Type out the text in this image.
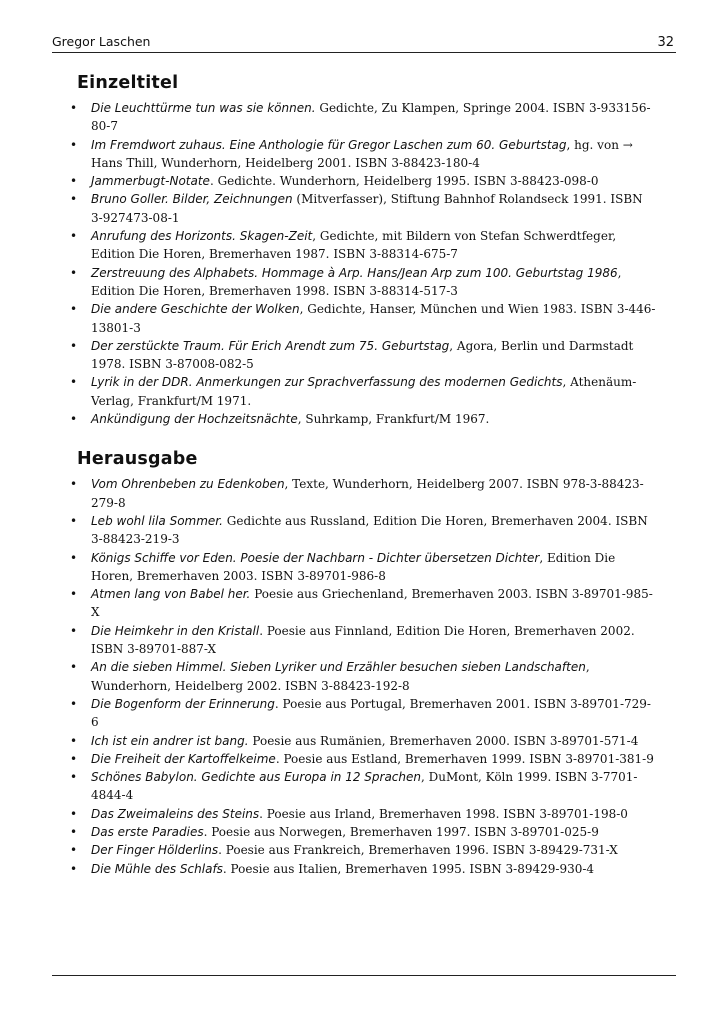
Gregor Laschen	32
Einzeltitel
• Die Leuchttürme tun was sie können. Gedichte, Zu Klampen, Springe 2004. ISBN 3-933156-80-7
• Im Fremdwort zuhaus. Eine Anthologie für Gregor Laschen zum 60. Geburtstag, hg. von → Hans Thill, Wunderhorn, Heidelberg 2001. ISBN 3-88423-180-4
• Jammerbugt-Notate. Gedichte. Wunderhorn, Heidelberg 1995. ISBN 3-88423-098-0
• Bruno Goller. Bilder, Zeichnungen (Mitverfasser), Stiftung Bahnhof Rolandseck 1991. ISBN 3-927473-08-1
• Anrufung des Horizonts. Skagen-Zeit, Gedichte, mit Bildern von Stefan Schwerdtfeger, Edition Die Horen, Bremerhaven 1987. ISBN 3-88314-675-7
• Zerstreuung des Alphabets. Hommage à Arp. Hans/Jean Arp zum 100. Geburtstag 1986, Edition Die Horen, Bremerhaven 1998. ISBN 3-88314-517-3
• Die andere Geschichte der Wolken, Gedichte, Hanser, München und Wien 1983. ISBN 3-446-13801-3
• Der zerstückte Traum. Für Erich Arendt zum 75. Geburtstag, Agora, Berlin und Darmstadt 1978. ISBN 3-87008-082-5
• Lyrik in der DDR. Anmerkungen zur Sprachverfassung des modernen Gedichts, Athenäum-Verlag, Frankfurt/M 1971.
• Ankündigung der Hochzeitsnächte, Suhrkamp, Frankfurt/M 1967.
Herausgabe
• Vom Ohrenbeben zu Edenkoben, Texte, Wunderhorn, Heidelberg 2007. ISBN 978-3-88423-279-8
• Leb wohl lila Sommer. Gedichte aus Russland, Edition Die Horen, Bremerhaven 2004. ISBN 3-88423-219-3
• Königs Schiffe vor Eden. Poesie der Nachbarn - Dichter übersetzen Dichter, Edition Die Horen, Bremerhaven 2003. ISBN 3-89701-986-8
• Atmen lang von Babel her. Poesie aus Griechenland, Bremerhaven 2003. ISBN 3-89701-985-X
• Die Heimkehr in den Kristall. Poesie aus Finnland, Edition Die Horen, Bremerhaven 2002. ISBN 3-89701-887-X
• An die sieben Himmel. Sieben Lyriker und Erzähler besuchen sieben Landschaften, Wunderhorn, Heidelberg 2002. ISBN 3-88423-192-8
• Die Bogenform der Erinnerung. Poesie aus Portugal, Bremerhaven 2001. ISBN 3-89701-729-6
• Ich ist ein andrer ist bang. Poesie aus Rumänien, Bremerhaven 2000. ISBN 3-89701-571-4
• Die Freiheit der Kartoffelkeime. Poesie aus Estland, Bremerhaven 1999. ISBN 3-89701-381-9
• Schönes Babylon. Gedichte aus Europa in 12 Sprachen, DuMont, Köln 1999. ISBN 3-7701-4844-4
• Das Zweimaleins des Steins. Poesie aus Irland, Bremerhaven 1998. ISBN 3-89701-198-0
• Das erste Paradies. Poesie aus Norwegen, Bremerhaven 1997. ISBN 3-89701-025-9
• Der Finger Hölderlins. Poesie aus Frankreich, Bremerhaven 1996. ISBN 3-89429-731-X
• Die Mühle des Schlafs. Poesie aus Italien, Bremerhaven 1995. ISBN 3-89429-930-4
